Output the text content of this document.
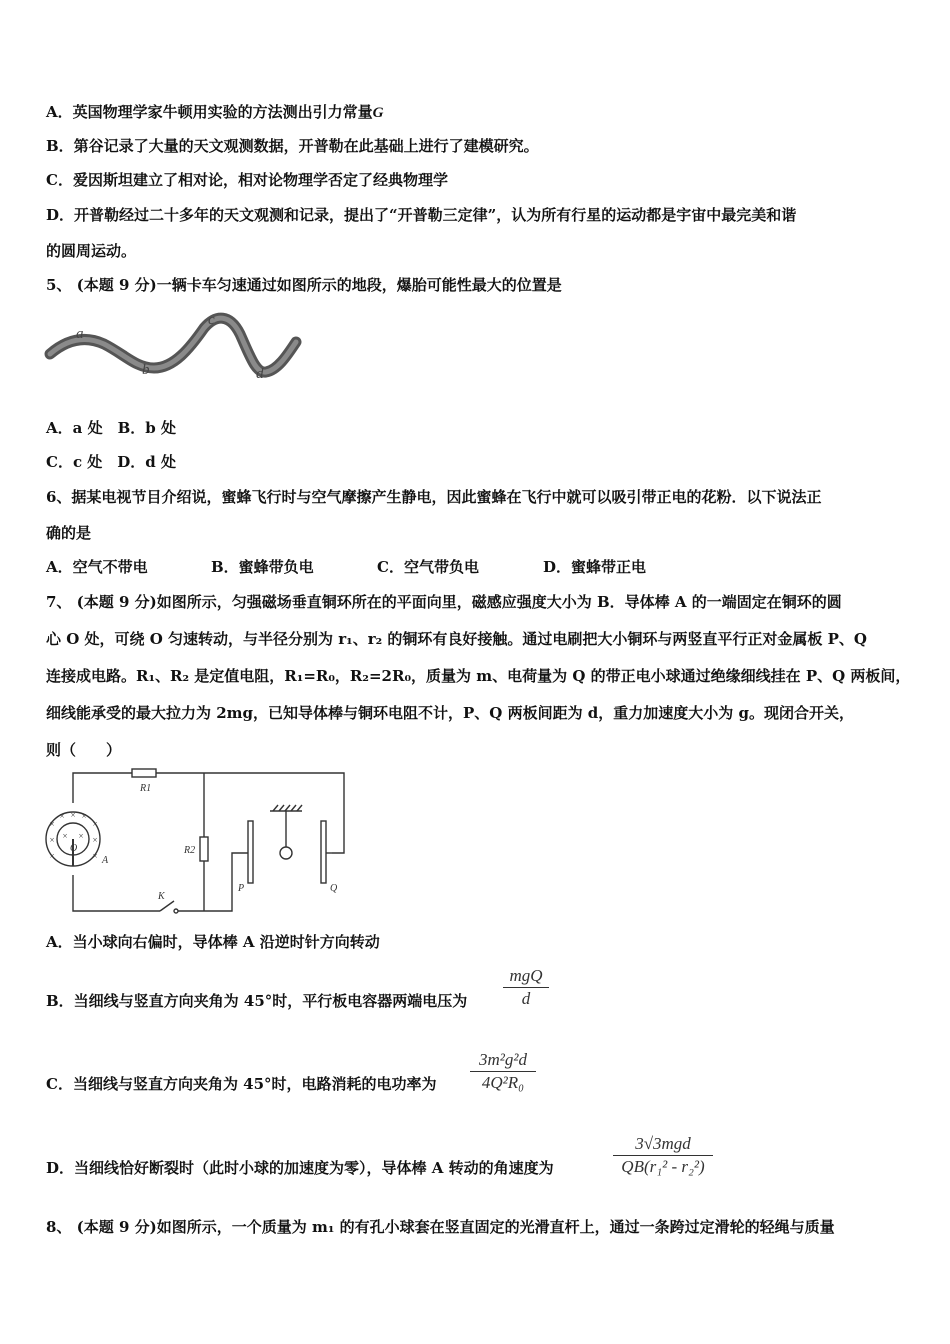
A．英国物理学家牛顿用实验的方法测出引力常量G
B．第谷记录了大量的天文观测数据，开普勒在此基础上进行了建模研究。
C．爱因斯坦建立了相对论，相对论物理学否定了经典物理学
D．开普勒经过二十多年的天文观测和记录，提出了“开普勒三定律”，认为所有行星的运动都是宇宙中最完美和谐
的圆周运动。
5、 (本题 9 分)一辆卡车匀速通过如图所示的地段，爆胎可能性最大的位置是
a
b
c
d
A．a 处　B．b 处
C．c 处　D．d 处
6、据某电视节目介绍说，蜜蜂飞行时与空气摩擦产生静电，因此蜜蜂在飞行中就可以吸引带正电的花粉．以下说法正
确的是
A．空气不带电	B．蜜蜂带负电	C．空气带负电	D．蜜蜂带正电
7、 (本题 9 分)如图所示，匀强磁场垂直铜环所在的平面向里，磁感应强度大小为 B．导体棒 A 的一端固定在铜环的圆
心 O 处，可绕 O 匀速转动，与半径分别为 r₁、r₂ 的铜环有良好接触。通过电刷把大小铜环与两竖直平行正对金属板 P、Q
连接成电路。R₁、R₂ 是定值电阻，R₁=R₀，R₂=2R₀，质量为 m、电荷量为 Q 的带正电小球通过绝缘细线挂在 P、Q 两板间，
细线能承受的最大拉力为 2mg，已知导体棒与铜环电阻不计，P、Q 两板间距为 d，重力加速度大小为 g。现闭合开关，
则（　　）
×
×
×
×
×
×
×
× ×
× ×
R1
R2
A
O
P	Q
K
A．当小球向右偏时，导体棒 A 沿逆时针方向转动
B．当细线与竖直方向夹角为 45°时，平行板电容器两端电压为
mgQ
d
C．当细线与竖直方向夹角为 45°时，电路消耗的电功率为
3m²g²d
4Q²R₀
D．当细线恰好断裂时（此时小球的加速度为零），导体棒 A 转动的角速度为
3√3mgd
QB(r₁² - r₂²)
8、 (本题 9 分)如图所示，一个质量为 m₁ 的有孔小球套在竖直固定的光滑直杆上，通过一条跨过定滑轮的轻绳与质量
